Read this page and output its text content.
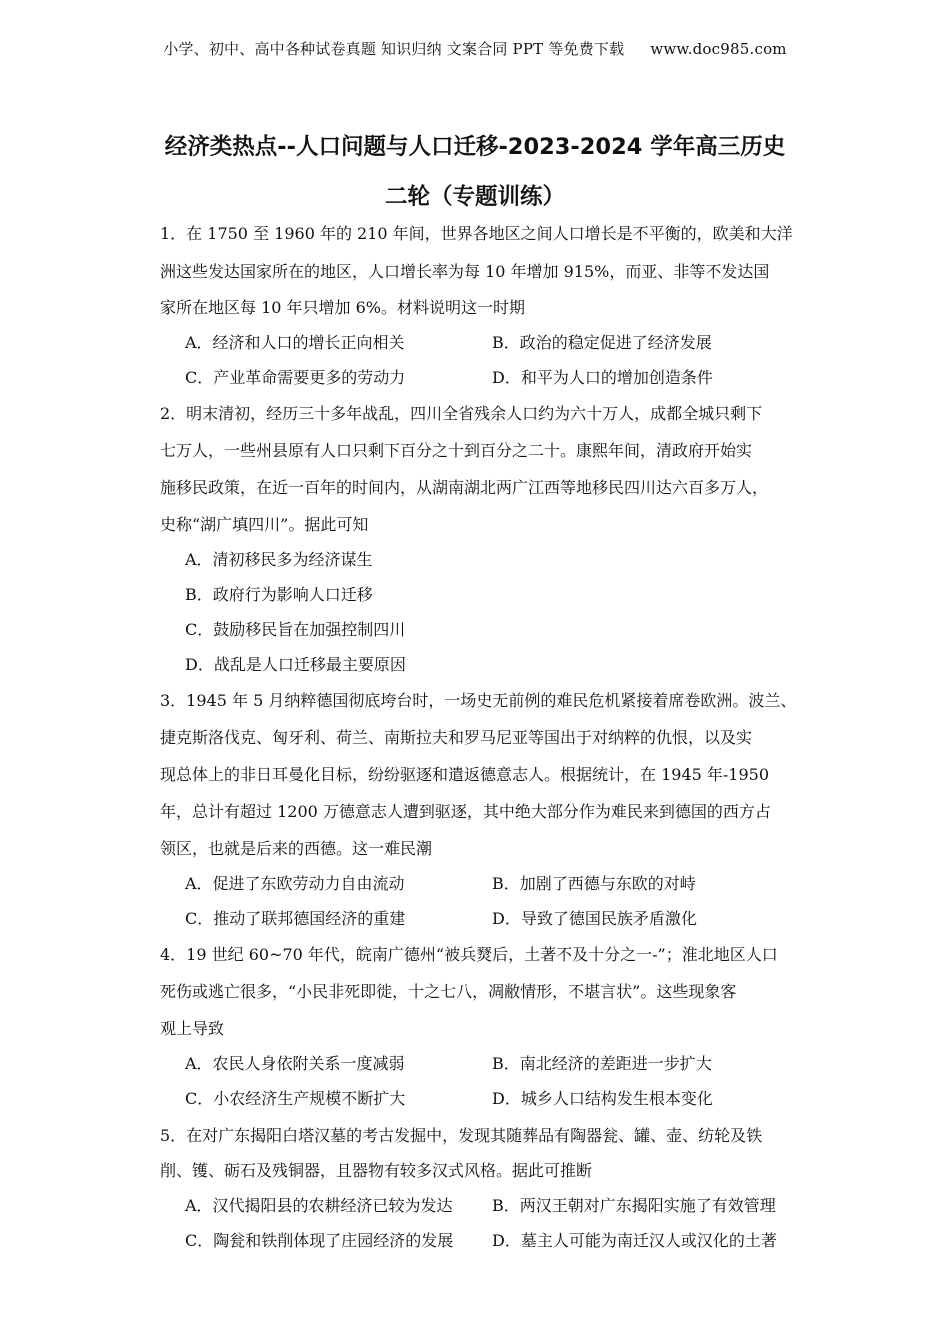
小学、初中、高中各种试卷真题 知识归纳 文案合同 PPT 等免费下载 www.doc985.com
经济类热点--人口问题与人口迁移-2023-2024 学年高三历史
二轮（专题训练）
1．在 1750 至 1960 年的 210 年间，世界各地区之间人口增长是不平衡的，欧美和大洋
洲这些发达国家所在的地区，人口增长率为每 10 年增加 915%，而亚、非等不发达国
家所在地区每 10 年只增加 6%。材料说明这一时期
A．经济和人口的增长正向相关	B．政治的稳定促进了经济发展
C．产业革命需要更多的劳动力	D．和平为人口的增加创造条件
2．明末清初，经历三十多年战乱，四川全省残余人口约为六十万人，成都全城只剩下
七万人，一些州县原有人口只剩下百分之十到百分之二十。康熙年间，清政府开始实
施移民政策，在近一百年的时间内，从湖南湖北两广江西等地移民四川达六百多万人，
史称“湖广填四川”。据此可知
A．清初移民多为经济谋生
B．政府行为影响人口迁移
C．鼓励移民旨在加强控制四川
D．战乱是人口迁移最主要原因
3．1945 年 5 月纳粹德国彻底垮台时，一场史无前例的难民危机紧接着席卷欧洲。波兰、
捷克斯洛伐克、匈牙利、荷兰、南斯拉夫和罗马尼亚等国出于对纳粹的仇恨，以及实
现总体上的非日耳曼化目标，纷纷驱逐和遣返德意志人。根据统计，在 1945 年-1950
年，总计有超过 1200 万德意志人遭到驱逐，其中绝大部分作为难民来到德国的西方占
领区，也就是后来的西德。这一难民潮
A．促进了东欧劳动力自由流动	B．加剧了西德与东欧的对峙
C．推动了联邦德国经济的重建	D．导致了德国民族矛盾激化
4．19 世纪 60~70 年代，皖南广德州“被兵燹后，土著不及十分之一-”；淮北地区人口
死伤或逃亡很多，“小民非死即徙，十之七八，凋敝情形，不堪言状”。这些现象客
观上导致
A．农民人身依附关系一度减弱	B．南北经济的差距进一步扩大
C．小农经济生产规模不断扩大	D．城乡人口结构发生根本变化
5．在对广东揭阳白塔汉墓的考古发掘中，发现其随葬品有陶器瓮、罐、壶、纺轮及铁
削、镬、砺石及残铜器，且器物有较多汉式风格。据此可推断
A．汉代揭阳县的农耕经济已较为发达 B．两汉王朝对广东揭阳实施了有效管理
C．陶瓮和铁削体现了庄园经济的发展 D．墓主人可能为南迁汉人或汉化的土著
